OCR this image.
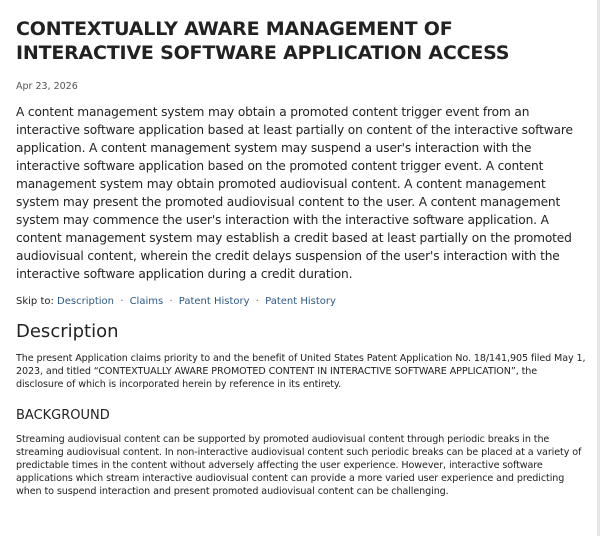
CONTEXTUALLY AWARE MANAGEMENT OF INTERACTIVE SOFTWARE APPLICATION ACCESS
Apr 23, 2026

A content management system may obtain a promoted content trigger event from an interactive software application based at least partially on content of the interactive software application. A content management system may suspend a user's interaction with the interactive software application based on the promoted content trigger event. A content management system may obtain promoted audiovisual content. A content management system may present the promoted audiovisual content to the user. A content management system may commence the user's interaction with the interactive software application. A content management system may establish a credit based at least partially on the promoted audiovisual content, wherein the credit delays suspension of the user's interaction with the interactive software application during a credit duration.

Skip to: Description · Claims · Patent History · Patent History
Description

The present Application claims priority to and the benefit of United States Patent Application No. 18/141,905 filed May 1, 2023, and titled “CONTEXTUALLY AWARE PROMOTED CONTENT IN INTERACTIVE SOFTWARE APPLICATION”, the disclosure of which is incorporated herein by reference in its entirety.

BACKGROUND

Streaming audiovisual content can be supported by promoted audiovisual content through periodic breaks in the streaming audiovisual content. In non-interactive audiovisual content such periodic breaks can be placed at a variety of predictable times in the content without adversely affecting the user experience. However, interactive software applications which stream interactive audiovisual content can provide a more varied user experience and predicting when to suspend interaction and present promoted audiovisual content can be challenging.
